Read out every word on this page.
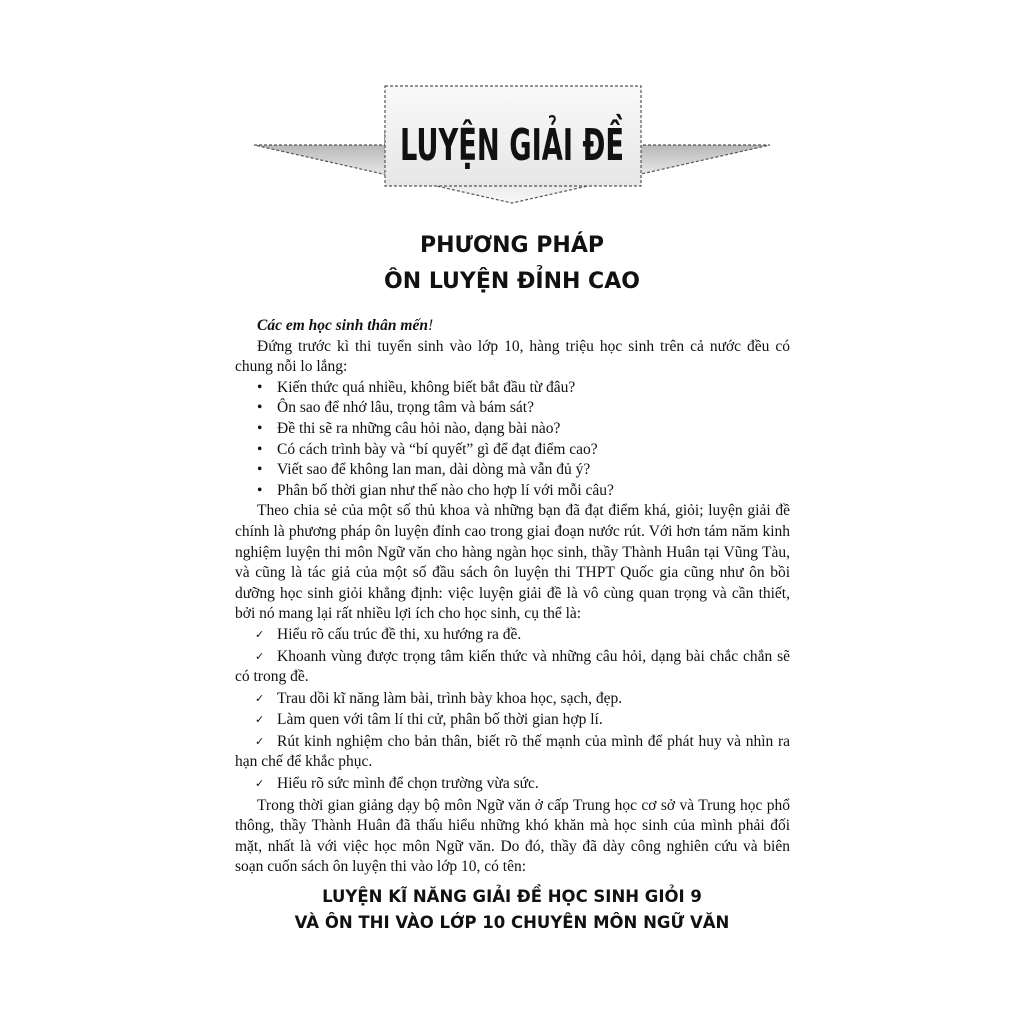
LUYỆN GIẢI ĐỀ
PHƯƠNG PHÁP
ÔN LUYỆN ĐỈNH CAO

Các em học sinh thân mến!

Đứng trước kì thi tuyển sinh vào lớp 10, hàng triệu học sinh trên cả nước đều có chung nỗi lo lắng:

• Kiến thức quá nhiều, không biết bắt đầu từ đâu?
• Ôn sao để nhớ lâu, trọng tâm và bám sát?
• Đề thi sẽ ra những câu hỏi nào, dạng bài nào?
• Có cách trình bày và “bí quyết” gì để đạt điểm cao?
• Viết sao để không lan man, dài dòng mà vẫn đủ ý?
• Phân bố thời gian như thế nào cho hợp lí với mỗi câu?

Theo chia sẻ của một số thủ khoa và những bạn đã đạt điểm khá, giỏi; luyện giải đề chính là phương pháp ôn luyện đỉnh cao trong giai đoạn nước rút. Với hơn tám năm kinh nghiệm luyện thi môn Ngữ văn cho hàng ngàn học sinh, thầy Thành Huân tại Vũng Tàu, và cũng là tác giả của một số đầu sách ôn luyện thi THPT Quốc gia cũng như ôn bồi dưỡng học sinh giỏi khẳng định: việc luyện giải đề là vô cùng quan trọng và cần thiết, bởi nó mang lại rất nhiều lợi ích cho học sinh, cụ thể là:

✓ Hiểu rõ cấu trúc đề thi, xu hướng ra đề.
✓ Khoanh vùng được trọng tâm kiến thức và những câu hỏi, dạng bài chắc chắn sẽ có trong đề.
✓ Trau dồi kĩ năng làm bài, trình bày khoa học, sạch, đẹp.
✓ Làm quen với tâm lí thi cử, phân bố thời gian hợp lí.
✓ Rút kinh nghiệm cho bản thân, biết rõ thế mạnh của mình để phát huy và nhìn ra hạn chế để khắc phục.
✓ Hiểu rõ sức mình để chọn trường vừa sức.

Trong thời gian giảng dạy bộ môn Ngữ văn ở cấp Trung học cơ sở và Trung học phổ thông, thầy Thành Huân đã thấu hiểu những khó khăn mà học sinh của mình phải đối mặt, nhất là với việc học môn Ngữ văn. Do đó, thầy đã dày công nghiên cứu và biên soạn cuốn sách ôn luyện thi vào lớp 10, có tên:

LUYỆN KĨ NĂNG GIẢI ĐỀ HỌC SINH GIỎI 9
VÀ ÔN THI VÀO LỚP 10 CHUYÊN MÔN NGỮ VĂN
